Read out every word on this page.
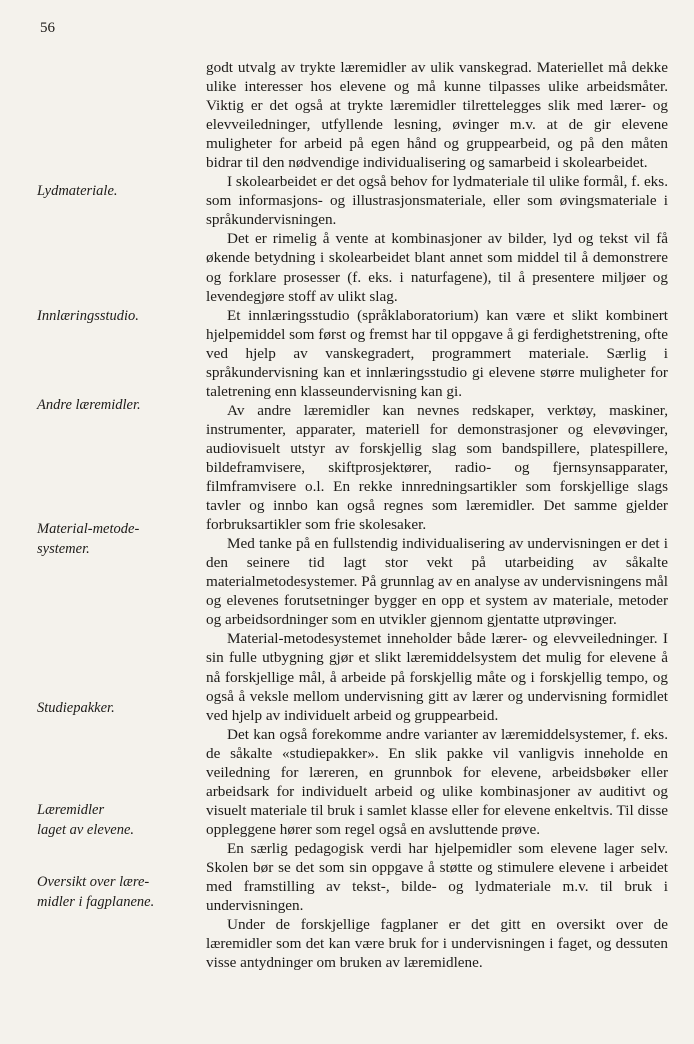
56
Lydmateriale.
Innlæringsstudio.
Andre læremidler.
Material-metode-
systemer.
Studiepakker.
Læremidler
laget av elevene.
Oversikt over lære-
midler i fagplanene.

godt utvalg av trykte læremidler av ulik vanskegrad. Materiellet må dekke ulike interesser hos elevene og må kunne tilpasses ulike arbeidsmåter. Viktig er det også at trykte læremidler tilrettelegges slik med lærer- og elevveiledninger, utfyllende lesning, øvinger m.v. at de gir elevene muligheter for arbeid på egen hånd og gruppearbeid, og på den måten bidrar til den nødvendige individualisering og samarbeid i skolearbeidet.

I skolearbeidet er det også behov for lydmateriale til ulike formål, f. eks. som informasjons- og illustrasjonsmateriale, eller som øvingsmateriale i språkundervisningen.

Det er rimelig å vente at kombinasjoner av bilder, lyd og tekst vil få økende betydning i skolearbeidet blant annet som middel til å demonstrere og forklare prosesser (f. eks. i naturfagene), til å presentere miljøer og levendegjøre stoff av ulikt slag.

Et innlæringsstudio (språklaboratorium) kan være et slikt kombinert hjelpemiddel som først og fremst har til oppgave å gi ferdighetstrening, ofte ved hjelp av vanskegradert, programmert materiale. Særlig i språkundervisning kan et innlæringsstudio gi elevene større muligheter for taletrening enn klasseundervisning kan gi.

Av andre læremidler kan nevnes redskaper, verktøy, maskiner, instrumenter, apparater, materiell for demonstrasjoner og elevøvinger, audiovisuelt utstyr av forskjellig slag som bandspillere, platespillere, bildeframvisere, skiftprosjektører, radio- og fjernsynsapparater, filmframvisere o.l. En rekke innredningsartikler som forskjellige slags tavler og innbo kan også regnes som læremidler. Det samme gjelder forbruksartikler som frie skolesaker.

Med tanke på en fullstendig individualisering av undervisningen er det i den seinere tid lagt stor vekt på utarbeiding av såkalte materialmetodesystemer. På grunnlag av en analyse av undervisningens mål og elevenes forutsetninger bygger en opp et system av materiale, metoder og arbeidsordninger som en utvikler gjennom gjentatte utprøvinger.

Material-metodesystemet inneholder både lærer- og elevveiledninger. I sin fulle utbygning gjør et slikt læremiddelsystem det mulig for elevene å nå forskjellige mål, å arbeide på forskjellig måte og i forskjellig tempo, og også å veksle mellom undervisning gitt av lærer og undervisning formidlet ved hjelp av individuelt arbeid og gruppearbeid.

Det kan også forekomme andre varianter av læremiddelsystemer, f. eks. de såkalte «studiepakker». En slik pakke vil vanligvis inneholde en veiledning for læreren, en grunnbok for elevene, arbeidsbøker eller arbeidsark for individuelt arbeid og ulike kombinasjoner av auditivt og visuelt materiale til bruk i samlet klasse eller for elevene enkeltvis. Til disse oppleggene hører som regel også en avsluttende prøve.

En særlig pedagogisk verdi har hjelpemidler som elevene lager selv. Skolen bør se det som sin oppgave å støtte og stimulere elevene i arbeidet med framstilling av tekst-, bilde- og lydmateriale m.v. til bruk i undervisningen.

Under de forskjellige fagplaner er det gitt en oversikt over de læremidler som det kan være bruk for i undervisningen i faget, og dessuten visse antydninger om bruken av læremidlene.
